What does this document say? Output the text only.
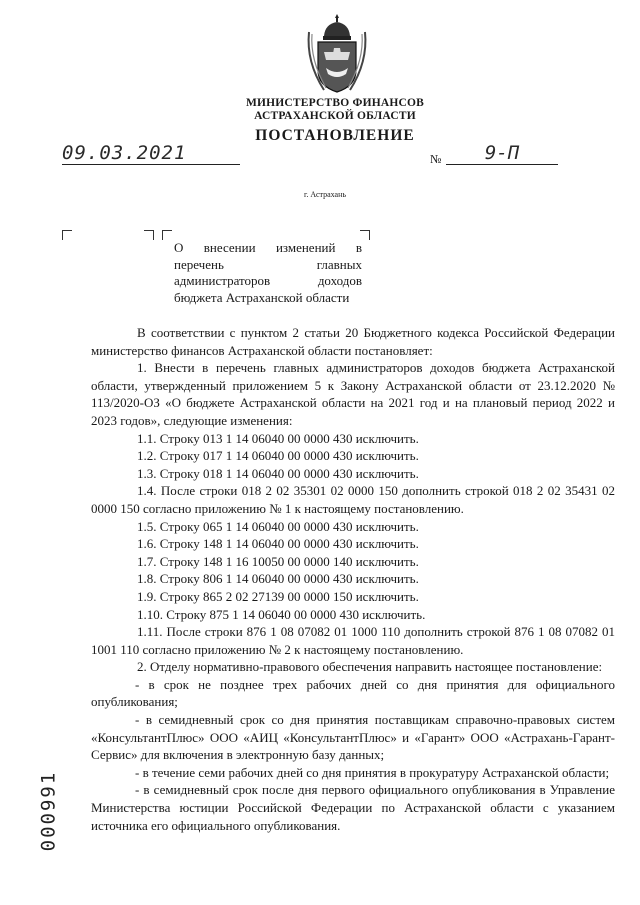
МИНИСТЕРСТВО ФИНАНСОВ
АСТРАХАНСКОЙ ОБЛАСТИ
ПОСТАНОВЛЕНИЕ
09.03.2021	№	9-П
г. Астрахань
О внесении изменений в перечень главных администраторов доходов бюджета Астраханской области

В соответствии с пунктом 2 статьи 20 Бюджетного кодекса Российской Федерации министерство финансов Астраханской области постановляет:

1. Внести в перечень главных администраторов доходов бюджета Астраханской области, утвержденный приложением 5 к Закону Астраханской области от 23.12.2020 № 113/2020-ОЗ «О бюджете Астраханской области на 2021 год и на плановый период 2022 и 2023 годов», следующие изменения:

1.1. Строку 013 1 14 06040 00 0000 430 исключить.

1.2. Строку 017 1 14 06040 00 0000 430 исключить.

1.3. Строку 018 1 14 06040 00 0000 430 исключить.

1.4. После строки 018 2 02 35301 02 0000 150 дополнить строкой 018 2 02 35431 02 0000 150 согласно приложению № 1 к настоящему постановлению.

1.5. Строку 065 1 14 06040 00 0000 430 исключить.

1.6. Строку 148 1 14 06040 00 0000 430 исключить.

1.7. Строку 148 1 16 10050 00 0000 140 исключить.

1.8. Строку 806 1 14 06040 00 0000 430 исключить.

1.9. Строку 865 2 02 27139 00 0000 150 исключить.

1.10. Строку 875 1 14 06040 00 0000 430 исключить.

1.11. После строки 876 1 08 07082 01 1000 110 дополнить строкой 876 1 08 07082 01 1001 110 согласно приложению № 2 к настоящему постановлению.

2. Отделу нормативно-правового обеспечения направить настоящее постановление:

- в срок не позднее трех рабочих дней со дня принятия для официального опубликования;

- в семидневный срок со дня принятия поставщикам справочно-правовых систем «КонсультантПлюс» ООО «АИЦ «КонсультантПлюс» и «Гарант» ООО «Астрахань-Гарант-Сервис» для включения в электронную базу данных;

- в течение семи рабочих дней со дня принятия в прокуратуру Астраханской области;

- в семидневный срок после дня первого официального опубликования в Управление Министерства юстиции Российской Федерации по Астраханской области с указанием источника его официального опубликования.

000991
